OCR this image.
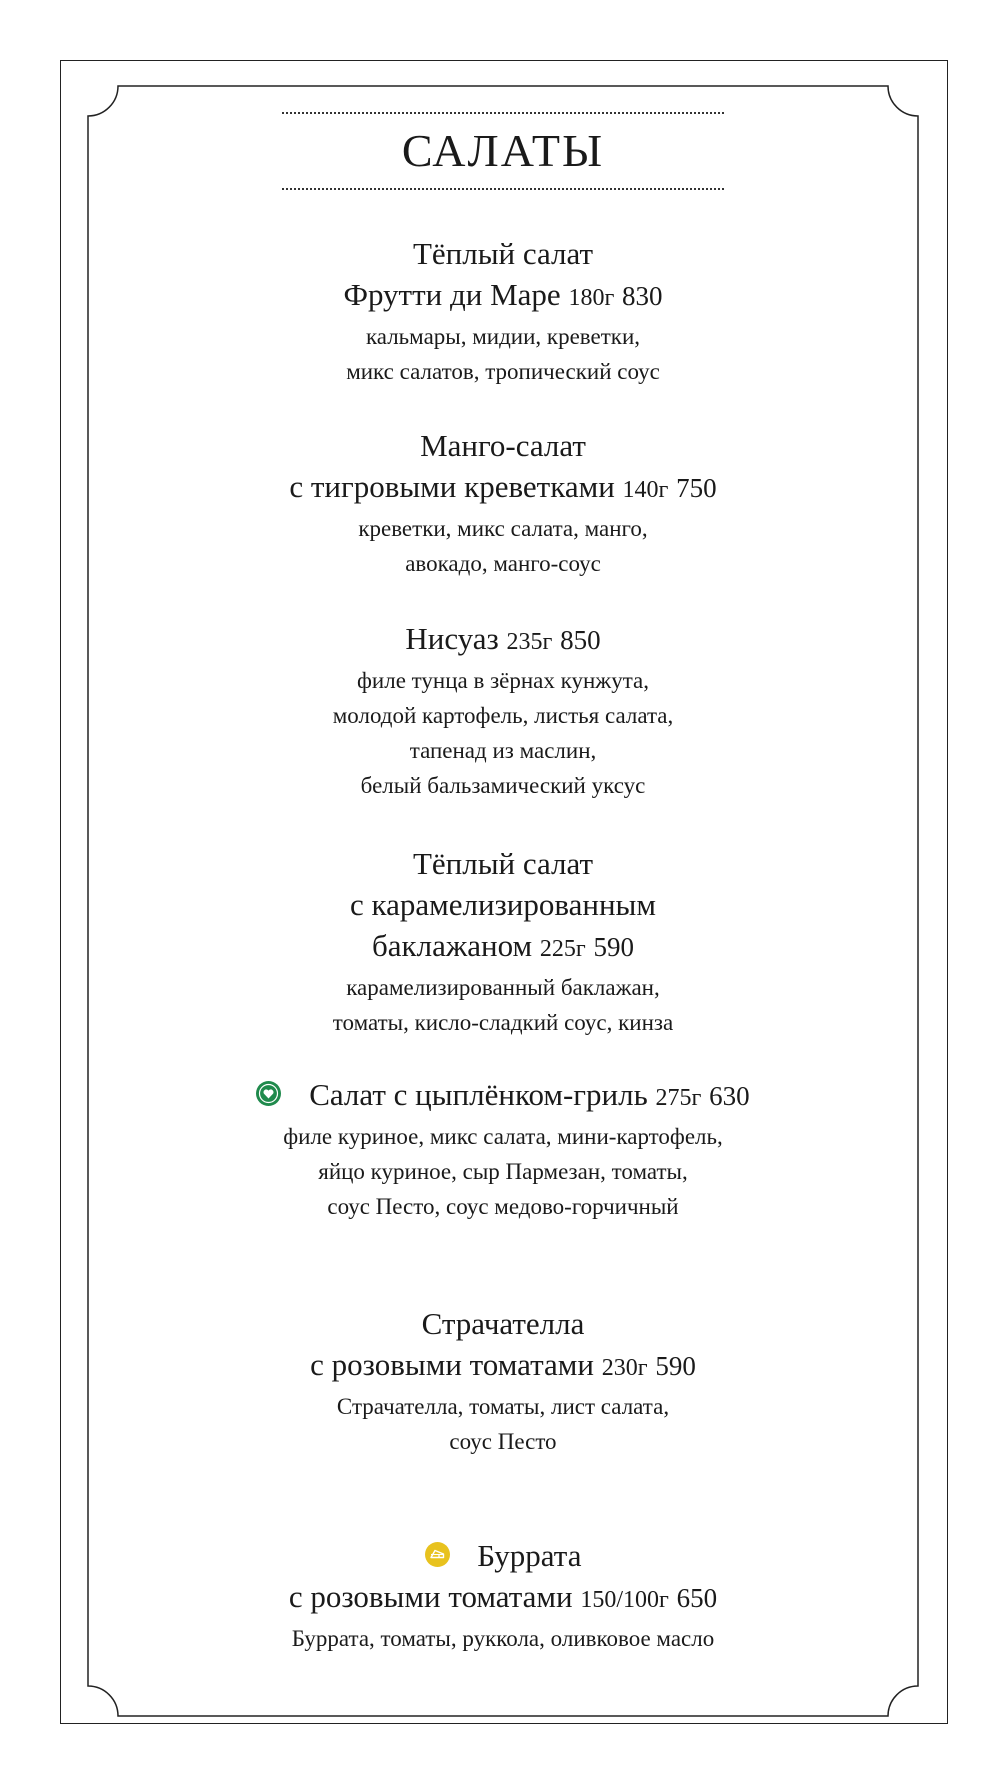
САЛАТЫ
Тёплый салат
Фрутти ди Маре 180г 830
кальмары, мидии, креветки,
микс салатов, тропический соус
Манго-салат
с тигровыми креветками 140г 750
креветки, микс салата, манго,
авокадо, манго-соус
Нисуаз 235г 850
филе тунца в зёрнах кунжута,
молодой картофель, листья салата,
тапенад из маслин,
белый бальзамический уксус
Тёплый салат
с карамелизированным
баклажаном 225г 590
карамелизированный баклажан,
томаты, кисло-сладкий соус, кинза
Салат с цыплёнком-гриль 275г 630
филе куриное, микс салата, мини-картофель,
яйцо куриное, сыр Пармезан, томаты,
соус Песто, соус медово-горчичный
Страчателла
с розовыми томатами 230г 590
Страчателла, томаты, лист салата,
соус Песто
Буррата
с розовыми томатами 150/100г 650
Буррата, томаты, руккола, оливковое масло
